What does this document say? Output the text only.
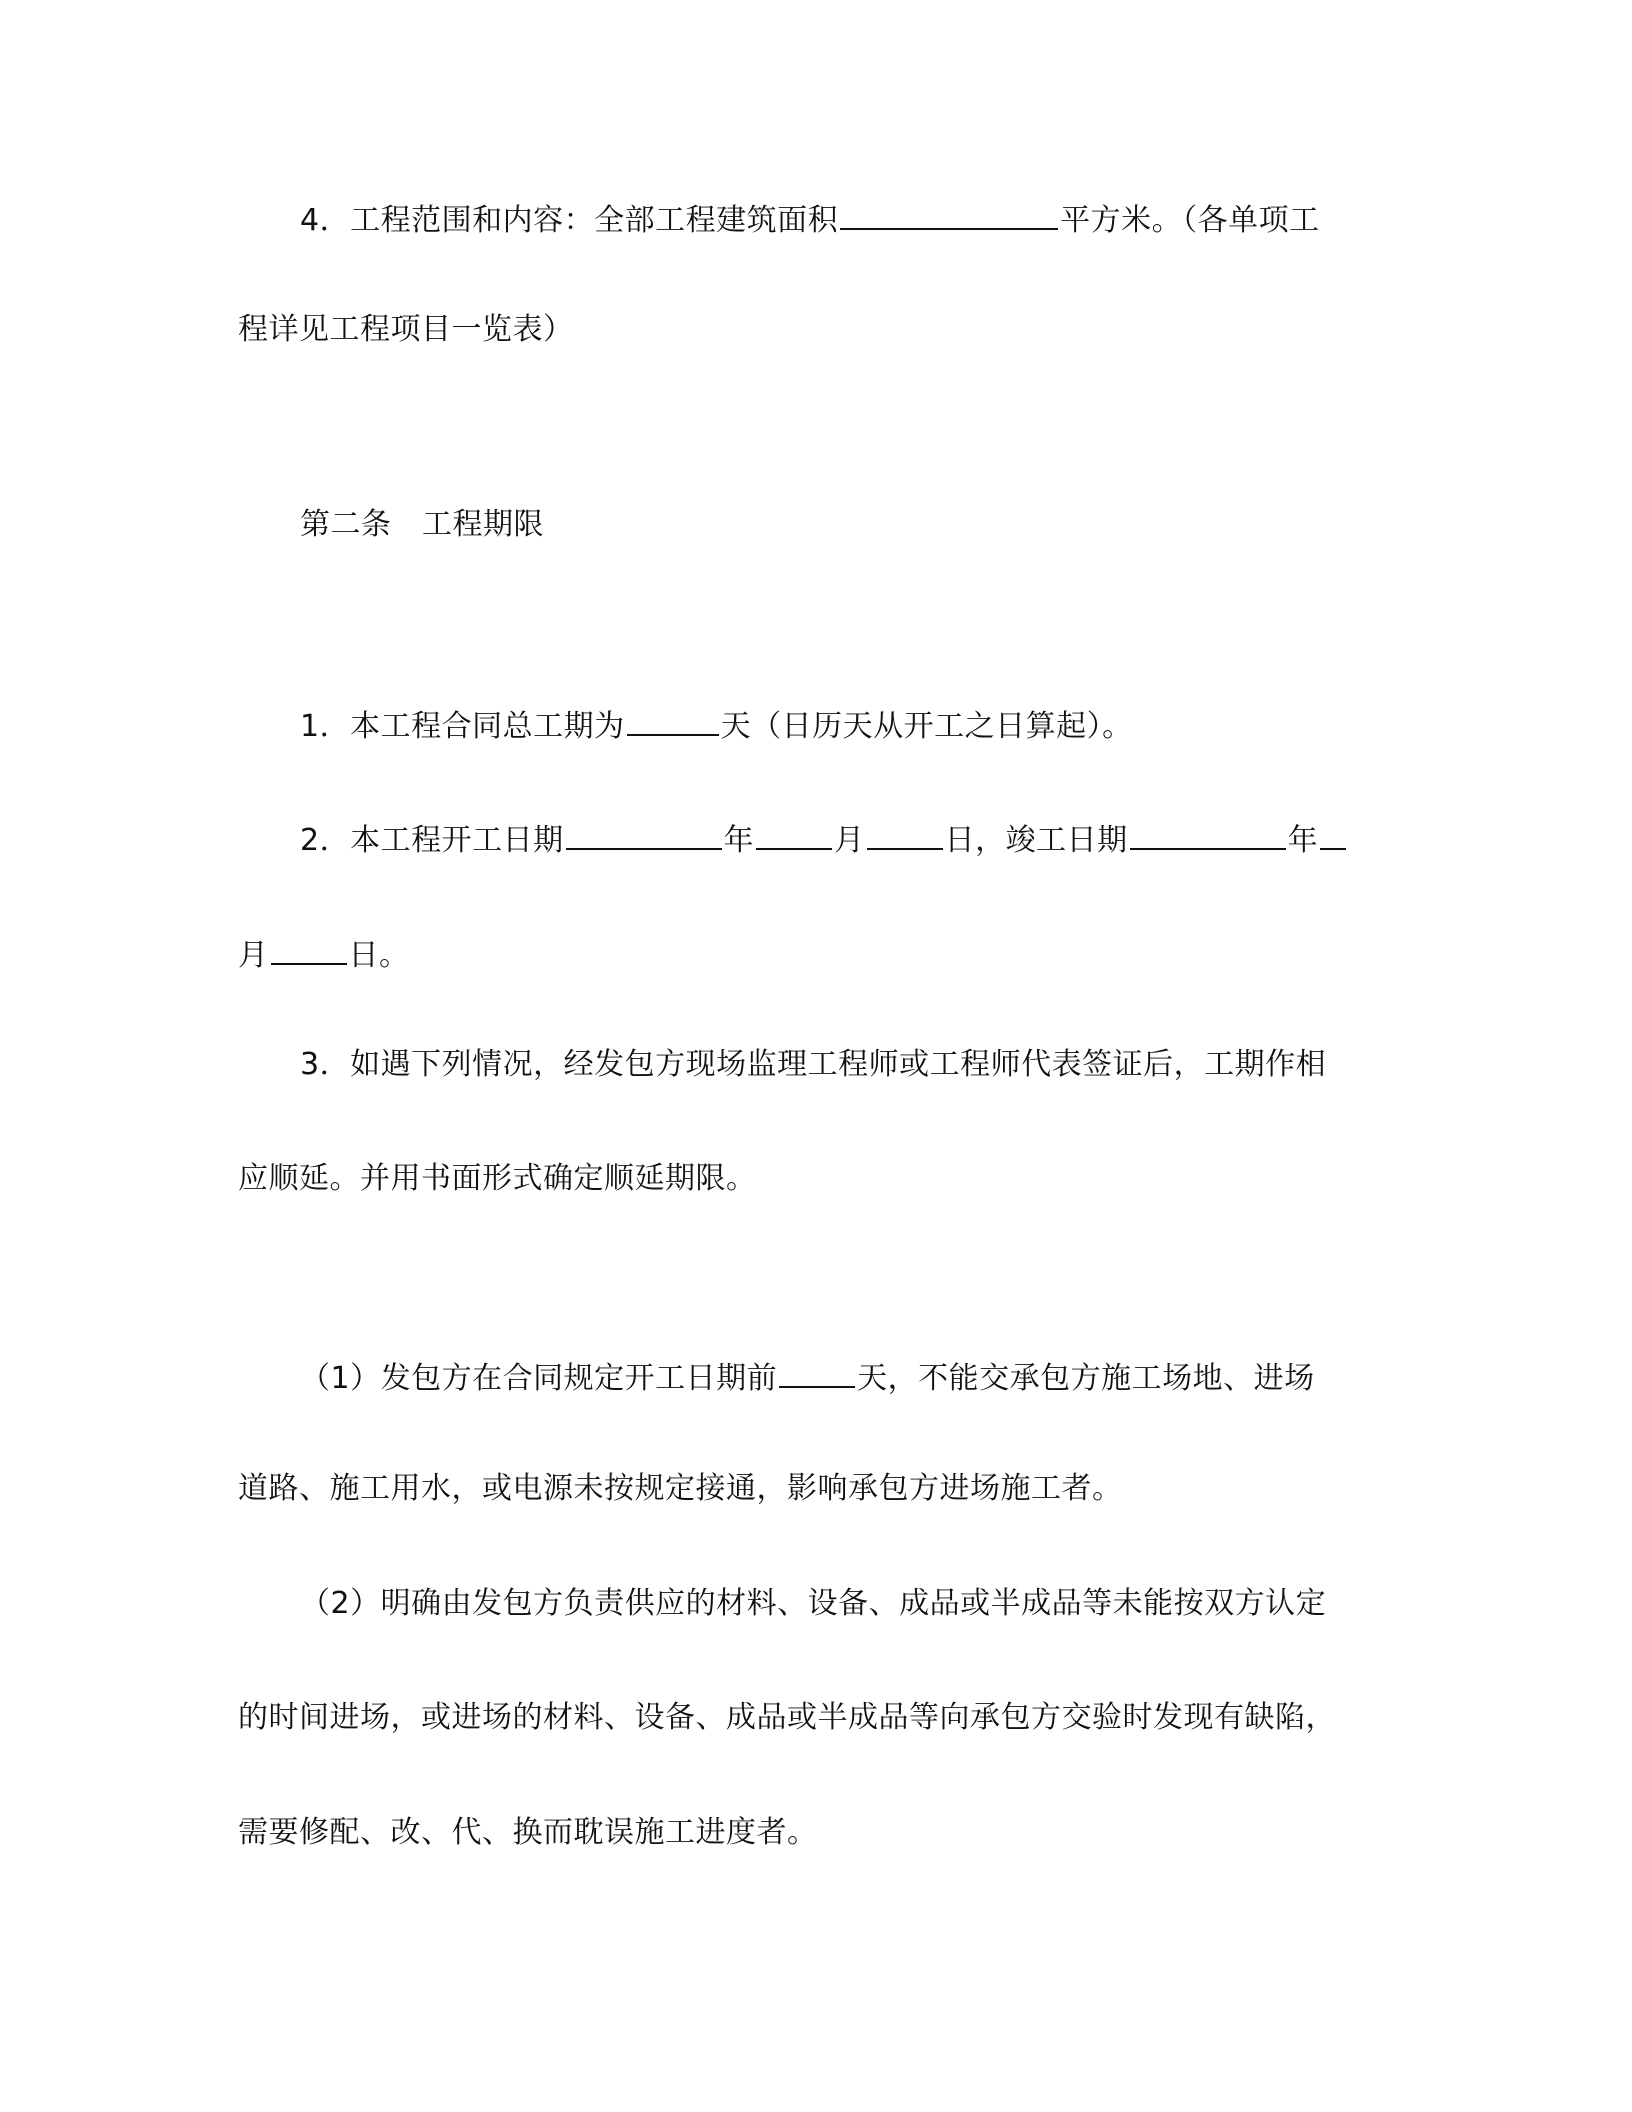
4．工程范围和内容：全部工程建筑面积	平方米。（各单项工
程详见工程项目一览表）
第二条　工程期限
1．本工程合同总工期为	天（日历天从开工之日算起）。
2．本工程开工日期	年	月	日，竣工日期	年
月	日。
3．如遇下列情况，经发包方现场监理工程师或工程师代表签证后，工期作相
应顺延。并用书面形式确定顺延期限。
（1）发包方在合同规定开工日期前	天，不能交承包方施工场地、进场
道路、施工用水，或电源未按规定接通，影响承包方进场施工者。
（2）明确由发包方负责供应的材料、设备、成品或半成品等未能按双方认定
的时间进场，或进场的材料、设备、成品或半成品等向承包方交验时发现有缺陷，
需要修配、改、代、换而耽误施工进度者。
